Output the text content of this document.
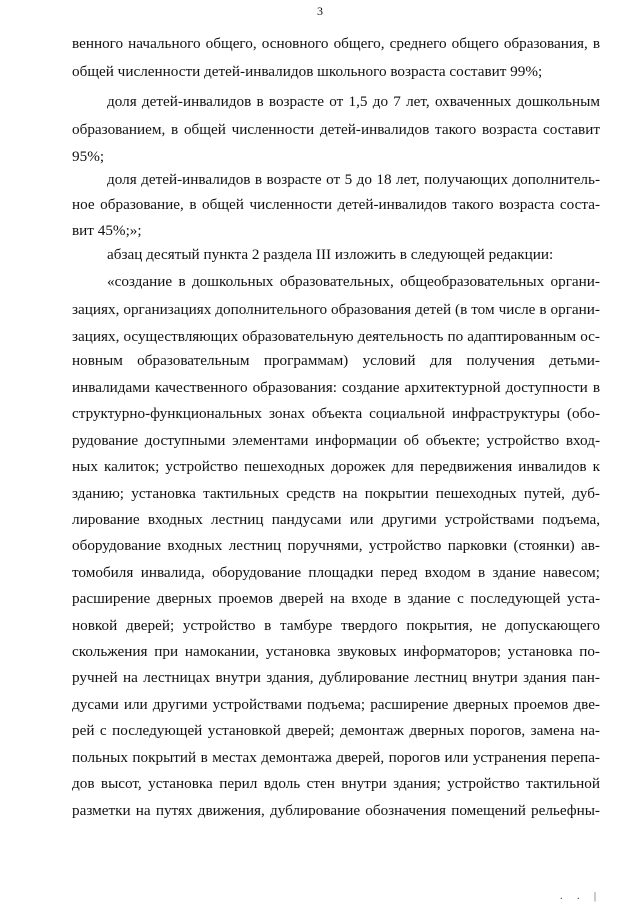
3
венного начального общего, основного общего, среднего общего образования, в
общей численности детей-инвалидов школьного возраста составит 99%;
доля детей-инвалидов в возрасте от 1,5 до 7 лет, охваченных дошкольным
образованием, в общей численности детей-инвалидов такого возраста составит
95%;
доля детей-инвалидов в возрасте от 5 до 18 лет, получающих дополнитель-
ное образование, в общей численности детей-инвалидов такого возраста соста-
вит 45%;»;
абзац десятый пункта 2 раздела III изложить в следующей редакции:
«создание в дошкольных образовательных, общеобразовательных органи-
зациях, организациях дополнительного образования детей (в том числе в органи-
зациях, осуществляющих образовательную деятельность по адаптированным ос-
новным образовательным программам) условий для получения детьми-
инвалидами качественного образования: создание архитектурной доступности в
структурно-функциональных зонах объекта социальной инфраструктуры (обо-
рудование доступными элементами информации об объекте; устройство вход-
ных калиток; устройство пешеходных дорожек для передвижения инвалидов к
зданию; установка тактильных средств на покрытии пешеходных путей, дуб-
лирование входных лестниц пандусами или другими устройствами подъема,
оборудование входных лестниц поручнями, устройство парковки (стоянки) ав-
томобиля инвалида, оборудование площадки перед входом в здание навесом;
расширение дверных проемов дверей на входе в здание с последующей уста-
новкой дверей; устройство в тамбуре твердого покрытия, не допускающего
скольжения при намокании, установка звуковых информаторов; установка по-
ручней на лестницах внутри здания, дублирование лестниц внутри здания пан-
дусами или другими устройствами подъема; расширение дверных проемов две-
рей с последующей установкой дверей; демонтаж дверных порогов, замена на-
польных покрытий в местах демонтажа дверей, порогов или устранения перепа-
дов высот, установка перил вдоль стен внутри здания; устройство тактильной
разметки на путях движения, дублирование обозначения помещений рельефны-
. . |
